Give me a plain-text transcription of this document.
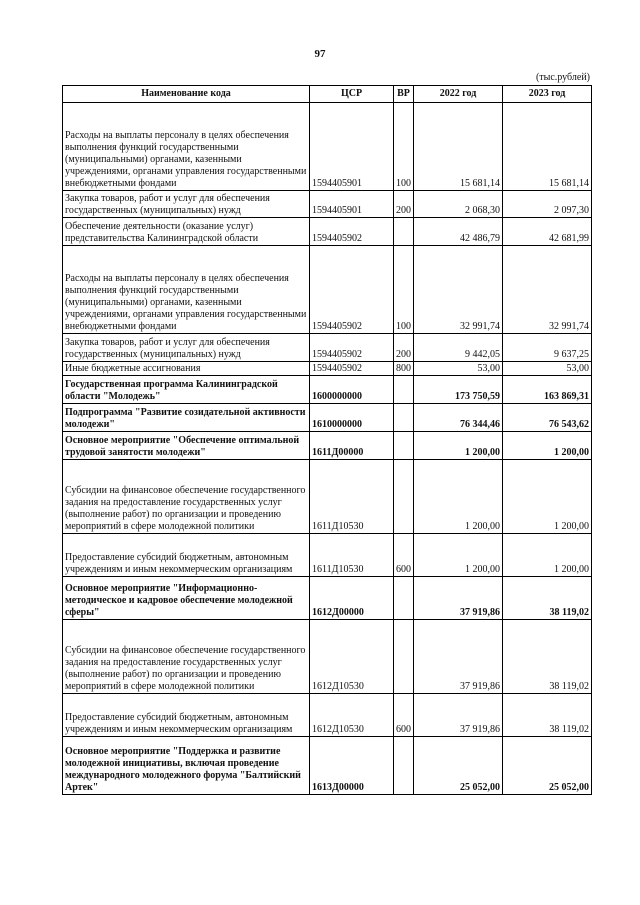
97
(тыс.рублей)
Наименование кода	ЦСР	ВР	2022 год	2023 год
Расходы на выплаты персоналу в целях обеспечения выполнения функций государственными (муниципальными) органами, казенными учреждениями, органами управления государственными внебюджетными фондами	1594405901	100	15 681,14	15 681,14
Закупка товаров, работ и услуг для обеспечения государственных (муниципальных) нужд	1594405901	200	2 068,30	2 097,30
Обеспечение деятельности (оказание услуг) представительства Калининградской области	1594405902		42 486,79	42 681,99
Расходы на выплаты персоналу в целях обеспечения выполнения функций государственными (муниципальными) органами, казенными учреждениями, органами управления государственными внебюджетными фондами	1594405902	100	32 991,74	32 991,74
Закупка товаров, работ и услуг для обеспечения государственных (муниципальных) нужд	1594405902	200	9 442,05	9 637,25
Иные бюджетные ассигнования	1594405902	800	53,00	53,00
Государственная программа Калининградской области "Молодежь"	1600000000		173 750,59	163 869,31
Подпрограмма "Развитие созидательной активности молодежи"	1610000000		76 344,46	76 543,62
Основное мероприятие "Обеспечение оптимальной трудовой занятости молодежи"	1611Д00000		1 200,00	1 200,00
Субсидии на финансовое обеспечение государственного задания на предоставление государственных услуг (выполнение работ) по организации и проведению мероприятий в сфере молодежной политики	1611Д10530		1 200,00	1 200,00
Предоставление субсидий бюджетным, автономным учреждениям и иным некоммерческим организациям	1611Д10530	600	1 200,00	1 200,00
Основное мероприятие "Информационно-методическое и кадровое обеспечение молодежной сферы"	1612Д00000		37 919,86	38 119,02
Субсидии на финансовое обеспечение государственного задания на предоставление государственных услуг (выполнение работ) по организации и проведению мероприятий в сфере молодежной политики	1612Д10530		37 919,86	38 119,02
Предоставление субсидий бюджетным, автономным учреждениям и иным некоммерческим организациям	1612Д10530	600	37 919,86	38 119,02
Основное мероприятие "Поддержка и развитие молодежной инициативы, включая проведение международного молодежного форума "Балтийский Артек"	1613Д00000		25 052,00	25 052,00
